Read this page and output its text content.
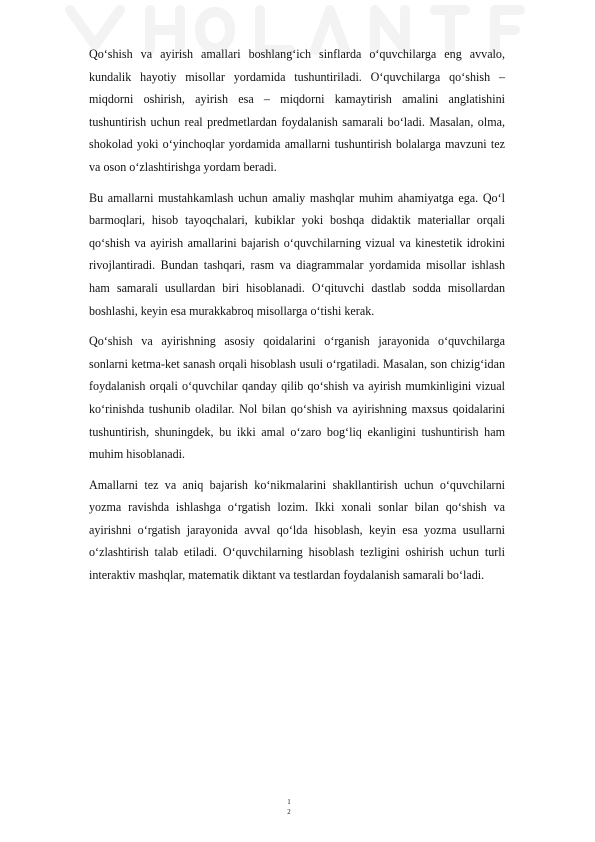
Qo‘shish va ayirish amallari boshlang‘ich sinflarda o‘quvchilarga eng avvalo, kundalik hayotiy misollar yordamida tushuntiriladi. O‘quvchilarga qo‘shish – miqdorni oshirish, ayirish esa – miqdorni kamaytirish amalini anglatishini tushuntirish uchun real predmetlardan foydalanish samarali bo‘ladi. Masalan, olma, shokolad yoki o‘yinchoqlar yordamida amallarni tushuntirish bolalarga mavzuni tez va oson o‘zlashtirishga yordam beradi.

Bu amallarni mustahkamlash uchun amaliy mashqlar muhim ahamiyatga ega. Qo‘l barmoqlari, hisob tayoqchalari, kubiklar yoki boshqa didaktik materiallar orqali qo‘shish va ayirish amallarini bajarish o‘quvchilarning vizual va kinestetik idrokini rivojlantiradi. Bundan tashqari, rasm va diagrammalar yordamida misollar ishlash ham samarali usullardan biri hisoblanadi. O‘qituvchi dastlab sodda misollardan boshlashi, keyin esa murakkabroq misollarga o‘tishi kerak.

Qo‘shish va ayirishning asosiy qoidalarini o‘rganish jarayonida o‘quvchilarga sonlarni ketma-ket sanash orqali hisoblash usuli o‘rgatiladi. Masalan, son chizig‘idan foydalanish orqali o‘quvchilar qanday qilib qo‘shish va ayirish mumkinligini vizual ko‘rinishda tushunib oladilar. Nol bilan qo‘shish va ayirishning maxsus qoidalarini tushuntirish, shuningdek, bu ikki amal o‘zaro bog‘liq ekanligini tushuntirish ham muhim hisoblanadi.

Amallarni tez va aniq bajarish ko‘nikmalarini shakllantirish uchun o‘quvchilarni yozma ravishda ishlashga o‘rgatish lozim. Ikki xonali sonlar bilan qo‘shish va ayirishni o‘rgatish jarayonida avval qo‘lda hisoblash, keyin esa yozma usullarni o‘zlashtirish talab etiladi. O‘quvchilarning hisoblash tezligini oshirish uchun turli interaktiv mashqlar, matematik diktant va testlardan foydalanish samarali bo‘ladi.

1
2
